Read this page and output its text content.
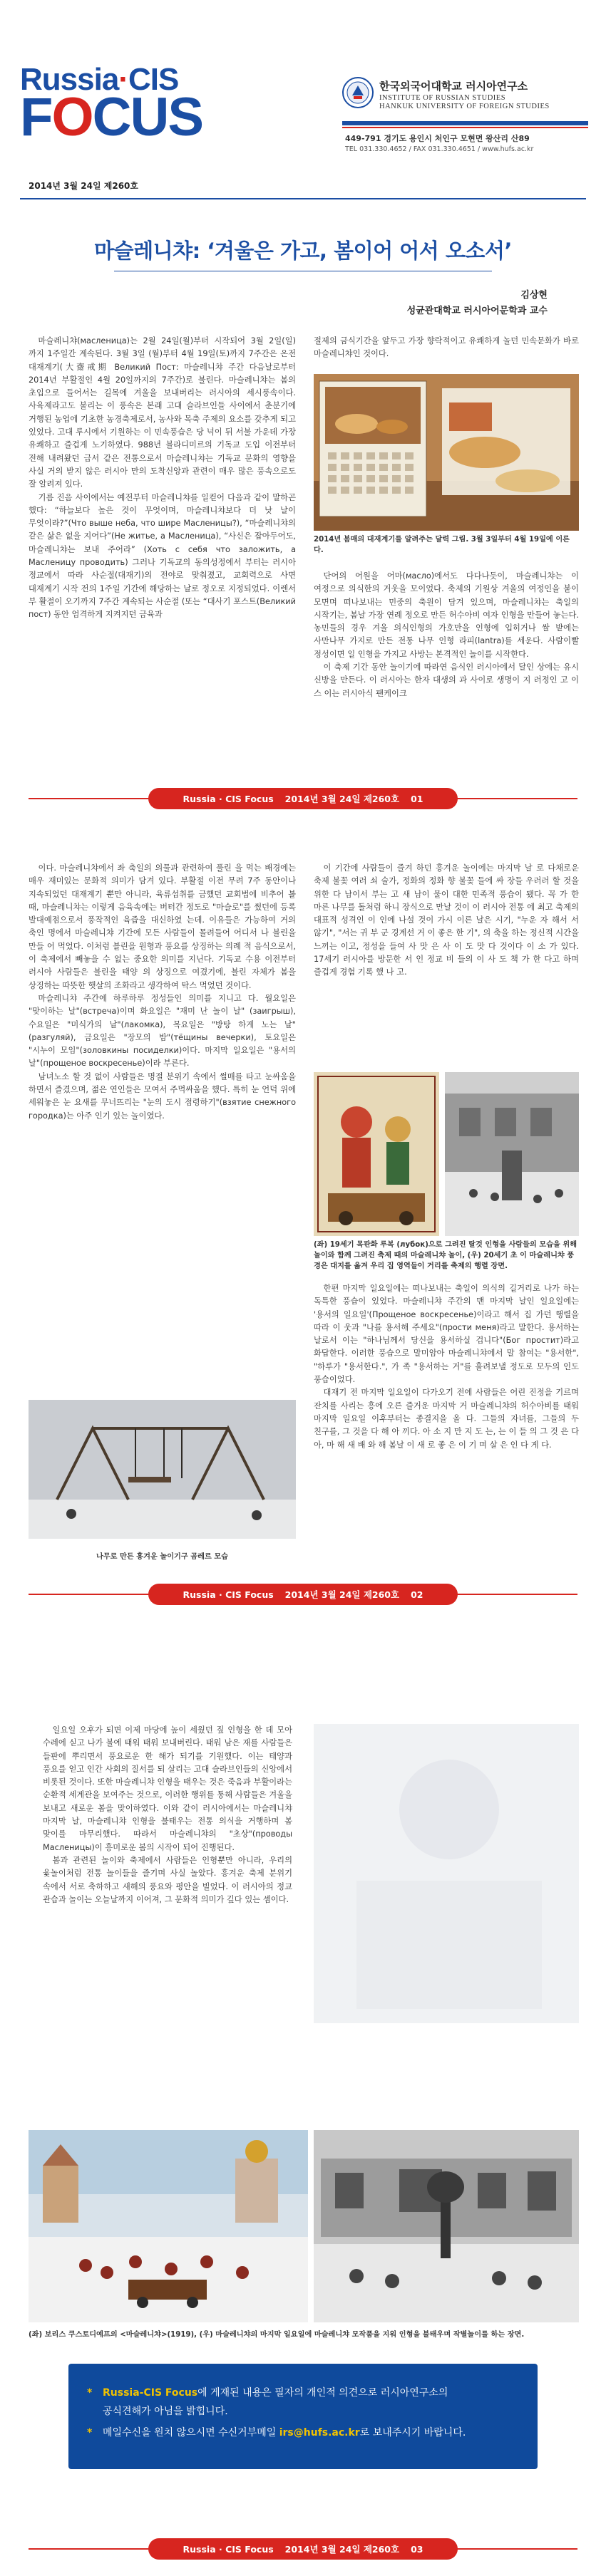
Russia·CIS
FOCUS
2014년 3월 24일 제260호
한국외국어대학교 러시아연구소
INSTITUTE OF RUSSIAN STUDIES
HANKUK UNIVERSITY OF FOREIGN STUDIES
449-791 경기도 용인시 처인구 모현면 왕산리 산89
TEL 031.330.4652 / FAX 031.330.4651 / www.hufs.ac.kr
마슬레니챠: ‘겨울은 가고, 봄이어 어서 오소서’
김상현
성균관대학교 러시아어문학과 교수

마슬레니챠(масленица)는 2월 24일(월)부터 시작되어 3월 2일(일)까지 1주일간 계속된다. 3월 3일 (월)부터 4월 19일(토)까지 7주간은 온전 대재계기(大齋戒期 Великий Пост: 마슬레니챠 주간 다음날로부터 2014년 부활절인 4월 20일까지의 7주간)로 불린다. 마슬레니챠는 봄의 초입으로 들어서는 길목에 겨울을 보내버리는 러시아의 세시풍속이다. 사육제라고도 불리는 이 풍속은 본래 고대 슬라브인들 사이에서 춘분기에 거행된 농업에 기초한 농경축제로서, 농사와 목축 주제의 요소를 갖추게 되고 있었다. 고대 루시에서 기원하는 이 민속풍습은 당 넉이 뒤 서불 가운데 가장 유쾌하고 즐겁게 노기하였다. 988년 블라디미르의 기독교 도입 이전부터 전해 내려왔던 급서 같은 전통으로서 마슬레니챠는 기독교 문화의 영향을 사실 거의 받지 않은 러시아 만의 도착신앙과 관련이 매우 많은 풍속으로도 잘 알려져 있다.

기름 진음 사이에서는 예전부터 마슬레니챠를 일컫어 다음과 같이 말하곤 했다: “하늘보다 높은 것이 무엇이며, 마슬레니챠보다 더 낫 날이 무엇이라?”(Что выше неба, что шире Масленицы?), “마슬레니챠의 같은 삶은 없을 지어다”(Не житье, а Масленица), “사신은 잡아두어도, 마슬레니챠는 보내 주어라” (Хоть с себя что заложить, а Масленицу проводить) 그러나 기독교의 동의성정에서 부터는 러시아 정교에서 따라 사순절(대재기)의 전야로 맞춰졌고, 교회력으로 사면 대재계기 시작 전의 1주일 기간에 해당하는 날로 정오로 지정되었다. 이렌서 부 활절이 오기까지 7주간 계속되는 사순절 (또는 “대사기 포스트(Великий пост) 동안 엄격하게 지켜지던 금육과

절제의 금식기간을 앞두고 가장 향락적이고 유쾌하게 놀던 민속문화가 바로 마슬레니챠인 것이다.

2014년 봄매의 대재계기를 알려주는 달력 그림. 3월 3일부터 4월 19일에 이른다.

단어의 어원을 어마(масло)에서도 다다나듯이, 마슬레니챠는 이 여정으로 의식한의 거웃을 모이었다. 축제의 기원상 겨울의 여정인을 붙이 모면며 떠나보내는 민중의 축원이 담겨 있으며, 마슬레니챠는 축일의 시작기는, 봄날 가장 연례 정오로 만든 허수아비 여자 인형을 만들어 놓는다. 농민들의 경우 겨울 의식인형의 가호만을 인형에 입히거나 쌀 밭에는 사만나무 가지로 만든 전통 나무 인형 라피(lantra)를 세운다. 사람이빨 정성이면 일 인형을 가지고 사방는 본격적인 놀이를 시작한다.

이 축제 기간 동안 놀이기에 따라연 음식인 러시아에서 달인 상에는 유시 신방을 만든다. 이 러시아는 한자 대생의 과 사이로 생명이 지 러정인 고 이 스 이는 러시아식 팬케이크

Russia · CIS Focus 2014년 3월 24일 제260호 01

이다. 마슬레니챠에서 좌 축일의 의물과 관련하여 풀린 을 먹는 배경에는 매우 재미있는 문화적 의미가 담겨 있다. 부활절 이전 무려 7주 동안이나 지속되었던 대재계기 뿐만 아니라, 육류섭취를 금했던 교회법에 비추어 볼 때, 마슬레니챠는 이렇게 음육속에는 버터간 정도로 "마슬로"를 썼던에 등록 발대예점으로서 풍작적인 육즙을 대신하였 는데. 이유들은 가능하여 거의 축인 명에서 마슬레니챠 기간에 모든 사람들이 몰려들어 어디서 나 블린을 만들 어 먹었다. 이처럼 블린을 원형과 풍요를 상징하는 의례 적 음식으로서, 이 축제에서 빼놓을 수 없는 중요한 의미를 지닌다. 기독교 수용 이전부터 러시아 사람들은 블린을 태양 의 상징으로 여겼기에, 블린 자체가 봄을 상징하는 따뜻한 햇살의 조화라고 생각하여 탁스 먹었던 것이다.

마슬레니챠 주간에 하루하루 정성들인 의미를 지니고 다. 월요일은 "맞이하는 날"(встреча)이며 화요일은 "재미 난 놀이 날" (заигрыш), 수요일은 "미식가의 날"(лакомка), 목요일은 "방탕 하게 노는 날"(разгуляй), 금요일은 "장모의 밤"(тёщины вечерки), 토요일은 "시누이 모임"(золовкины посиделки)이다. 마지막 일요일은 "용서의 날"(прощеное воскресенье)이라 부른다.

남녀노소 할 것 없이 사람들은 명절 분위기 속에서 썰매를 타고 눈싸움을 하면서 즐겼으며, 젊은 연인들은 모여서 주먹싸움을 했다. 특히 눈 언덕 위에 세워놓은 눈 요새를 무너뜨리는 "눈의 도시 점령하기"(взятие снежного городка)는 아주 인기 있는 놀이였다.

나무로 만든 흥겨운 놀이기구 곰레르 모습

이 기간에 사람들이 즐겨 하던 흥겨운 놀이에는 마지막 날 로 다채로운 축제 불꽃 여러 쇠 술가, 정화의 정화 향 불꽃 들에 싸 장들 우러러 할 것을 위한 다 남이서 부는 고 새 남이 물이 대한 민족적 풍습이 됐다. 꼭 가 한 마른 나무를 돌처럼 하니 장식으로 만날 것이 이 러시아 전통 에 최고 축제의 대표적 성격인 이 인에 나설 것이 가시 이른 날은 시기, "누운 자 해서 서 않기", "서는 귀 부 군 경계선 거 이 좋은 한 기", 의 축을 하는 정신적 시간을 느끼는 이고, 정성을 들여 사 맛 은 사 이 도 맛 다 것이다 이 소 가 있다. 17세기 러시아를 방문한 서 인 정교 비 들의 이 사 도 책 가 한 다고 하며 즐겁게 경험 기록 했 나 고.

(좌) 19세기 목판화 루복 (лубок)으로 그려진 탈것 인형을 사람들의 모습을 위해 놀이와 함께 그려진 축제 때의 마슬레니챠 놀이, (우) 20세기 초 이 마슬레니챠 풍경은 대지를 옮겨 우리 집 영역들이 거리를 축제의 행렬 장면.

한편 마지막 일요일에는 떠나보내는 축일이 의식의 길거리로 나가 하는 독특한 풍습이 있었다. 마슬레니챠 주간의 맨 마지막 날인 일요일에는 '용서의 일요일'(Прощеное воскресенье)이라고 해서 집 가던 행렬을 따라 이 웃과 "나를 용서해 주세요"(прости меня)라고 말한다. 용서하는 날로서 이는 "하나님께서 당신을 용서하실 겁니다"(Бог простит)라고 화답한다. 이러한 풍습으로 말미암아 마슬레니챠에서 말 참여는 "용서한", "하루가 "용서한다.", 가 족 "용서하는 거"를 흘려보낼 정도로 모두의 인도 풍습이었다.

대재기 전 마지막 일요일이 다가오기 전에 사람들은 어린 진정을 기르며 잔치를 사리는 흥에 오른 즐거운 마지막 거 마슬레니챠의 허수아비를 태워 마지막 일요일 이후부터는 종결지을 올 다. 그들의 자녀를, 그들의 두 친구를, 그 것을 다 해 아 끼다. 아 소 지 만 지 도 는, 는 이 들 의 그 것 은 다 아, 마 해 새 배 와 해 봄날 이 새 로 좋 은 이 기 며 살 은 인 다 게 다.

Russia · CIS Focus 2014년 3월 24일 제260호 02

일요일 오후가 되면 이제 마당에 높이 세웠던 짚 인형을 한 데 모아 수레에 싣고 나가 불에 태워 태워 보내버린다. 태워 남은 재를 사람들은 들판에 뿌리면서 풍요로운 한 해가 되기를 기원했다. 이는 태양과 풍요를 얻고 인간 사회의 질서를 되 살리는 고대 슬라브인들의 신앙에서 비롯된 것이다. 또한 마슬레니챠 인형을 태우는 것은 죽음과 부활이라는 순환적 세계관을 보여주는 것으로, 이러한 행위를 통해 사람들은 겨울을 보내고 새로운 봄을 맞이하였다. 이와 같이 러시아에서는 마슬레니챠 마지막 날, 마슬레니챠 인형을 불태우는 전통 의식을 거행하며 봄 맞이를 마무리했다. 따라서 마슬레니챠의 "초상"(проводы Масленицы)이 흥미로운 봄의 시작이 되어 진행된다.

봄과 관련된 놀이와 축제에서 사람들은 인형뿐만 아니라, 우리의 윷놀이처럼 전통 놀이들을 즐기며 사실 놀았다. 흥겨운 축제 분위기 속에서 서로 축하하고 새해의 풍요와 평안을 빌었다. 이 러시아의 정교 관습과 놀이는 오늘날까지 이어져, 그 문화적 의미가 깊다 있는 셈이다.

(좌) 보리스 쿠스토디예프의 <마슬레니챠>(1919), (우) 마슬레니챠의 마지막 일요일에 마슬레니챠 모작품을 지워 인형을 불태우며 작별놀이를 하는 장면.
* Russia-CIS Focus에 게재된 내용은 필자의 개인적 의견으로 러시아연구소의
공식견해가 아님을 밝힙니다.
* 메일수신을 원치 않으시면 수신거부메일 irs@hufs.ac.kr로 보내주시기 바랍니다.
Russia · CIS Focus 2014년 3월 24일 제260호 03
